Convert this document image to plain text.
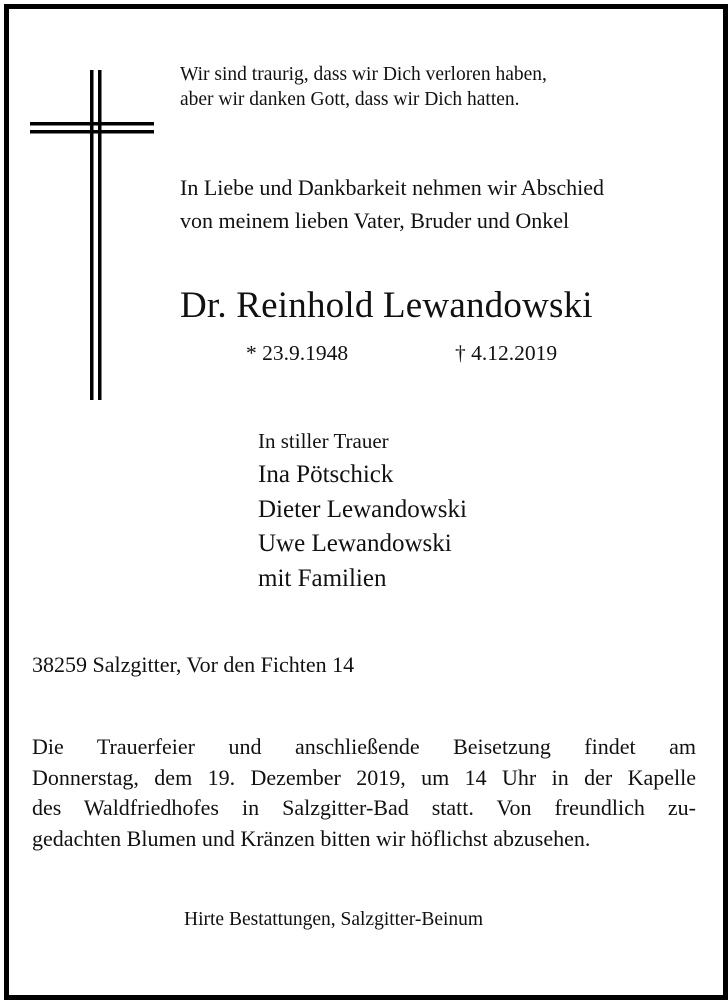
Wir sind traurig, dass wir Dich verloren haben,
aber wir danken Gott, dass wir Dich hatten.
In Liebe und Dankbarkeit nehmen wir Abschied
von meinem lieben Vater, Bruder und Onkel
Dr. Reinhold Lewandowski
* 23.9.1948	† 4.12.2019
In stiller Trauer
Ina Pötschick
Dieter Lewandowski
Uwe Lewandowski
mit Familien
38259 Salzgitter, Vor den Fichten 14

Die Trauerfeier und anschließende Beisetzung findet am
Donnerstag, dem 19. Dezember 2019, um 14 Uhr in der Kapelle
des Waldfriedhofes in Salzgitter-Bad statt. Von freundlich zu-
gedachten Blumen und Kränzen bitten wir höflichst abzusehen.

Hirte Bestattungen, Salzgitter-Beinum
